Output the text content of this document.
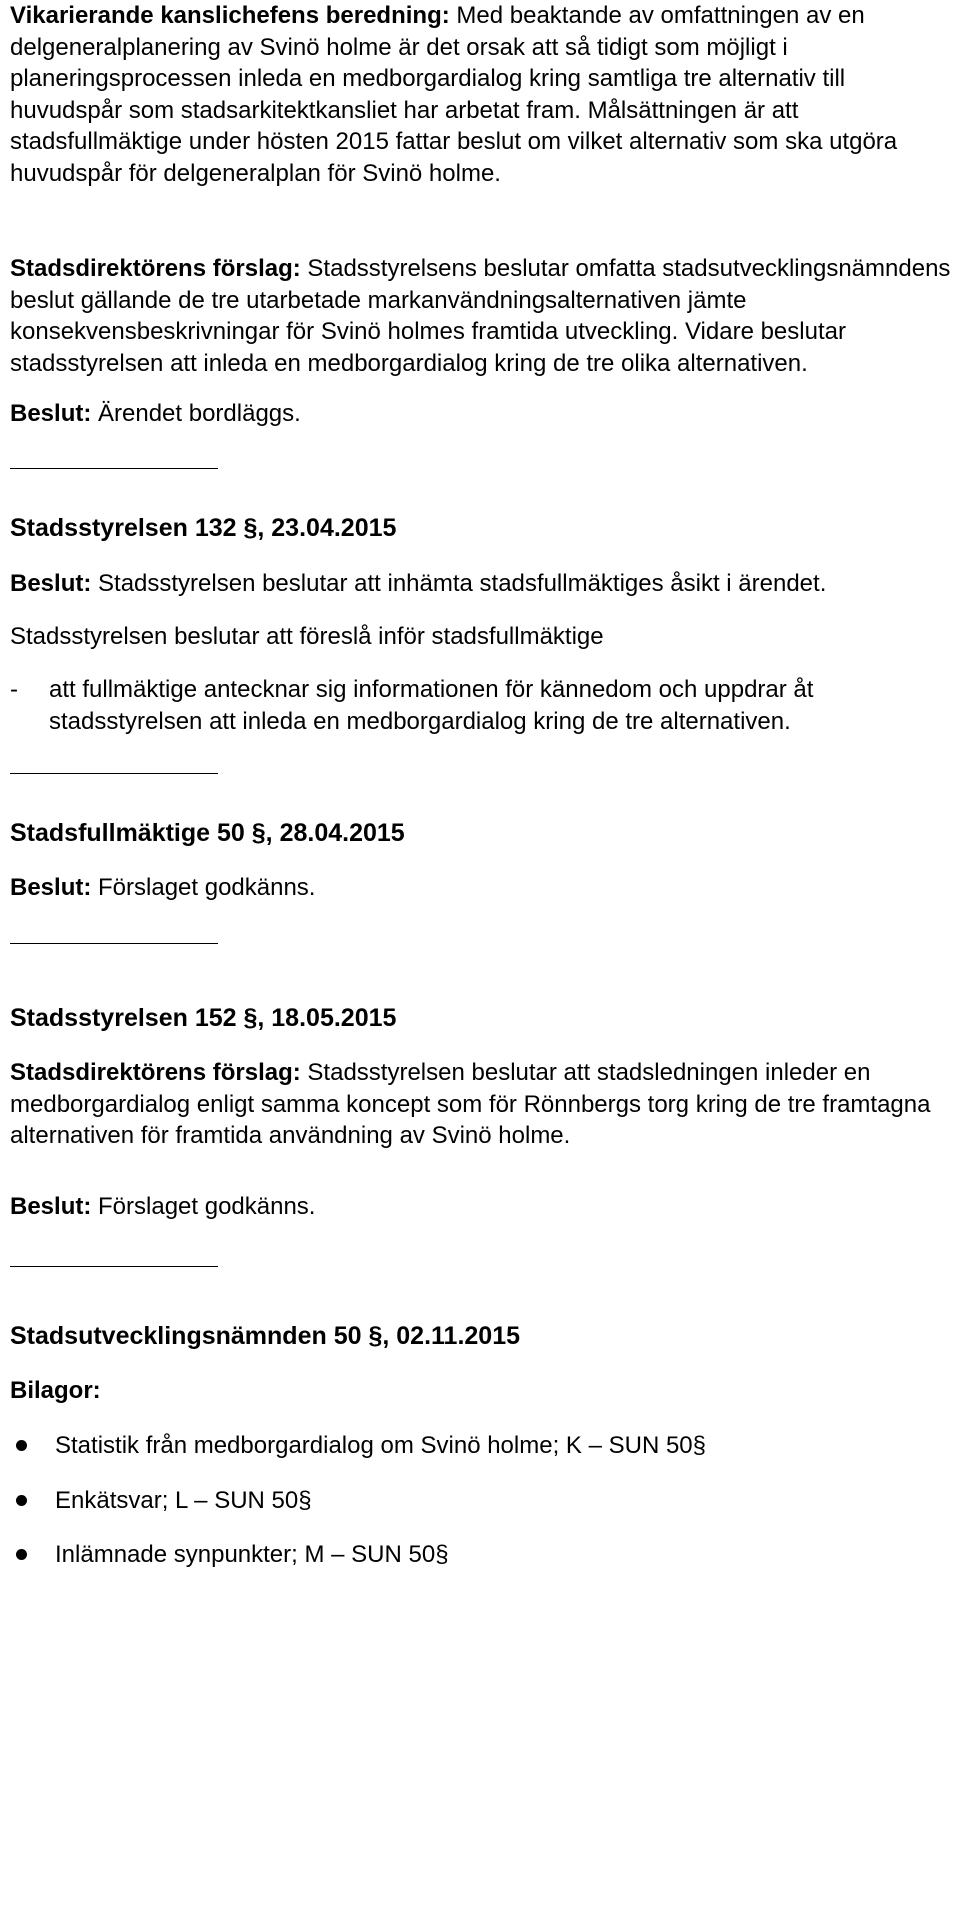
Vikarierande kanslichefens beredning: Med beaktande av omfattningen av en delgeneralplanering av Svinö holme är det orsak att så tidigt som möjligt i planeringsprocessen inleda en medborgardialog kring samtliga tre alternativ till huvudspår som stadsarkitektkansliet har arbetat fram. Målsättningen är att stadsfullmäktige under hösten 2015 fattar beslut om vilket alternativ som ska utgöra huvudspår för delgeneralplan för Svinö holme.

Stadsdirektörens förslag: Stadsstyrelsens beslutar omfatta stadsutvecklingsnämndens beslut gällande de tre utarbetade markanvändningsalternativen jämte konsekvensbeskrivningar för Svinö holmes framtida utveckling. Vidare beslutar stadsstyrelsen att inleda en medborgardialog kring de tre olika alternativen.

Beslut: Ärendet bordläggs.

Stadsstyrelsen 132 §, 23.04.2015

Beslut: Stadsstyrelsen beslutar att inhämta stadsfullmäktiges åsikt i ärendet.

Stadsstyrelsen beslutar att föreslå inför stadsfullmäktige

-	att fullmäktige antecknar sig informationen för kännedom och uppdrar åt stadsstyrelsen att inleda en medborgardialog kring de tre alternativen.

Stadsfullmäktige 50 §, 28.04.2015

Beslut: Förslaget godkänns.

Stadsstyrelsen 152 §, 18.05.2015

Stadsdirektörens förslag: Stadsstyrelsen beslutar att stadsledningen inleder en medborgardialog enligt samma koncept som för Rönnbergs torg kring de tre framtagna alternativen för framtida användning av Svinö holme.

Beslut: Förslaget godkänns.

Stadsutvecklingsnämnden 50 §, 02.11.2015

Bilagor:

Statistik från medborgardialog om Svinö holme; K – SUN 50 §
Enkätsvar; L – SUN 50 §
Inlämnade synpunkter; M – SUN 50 §
